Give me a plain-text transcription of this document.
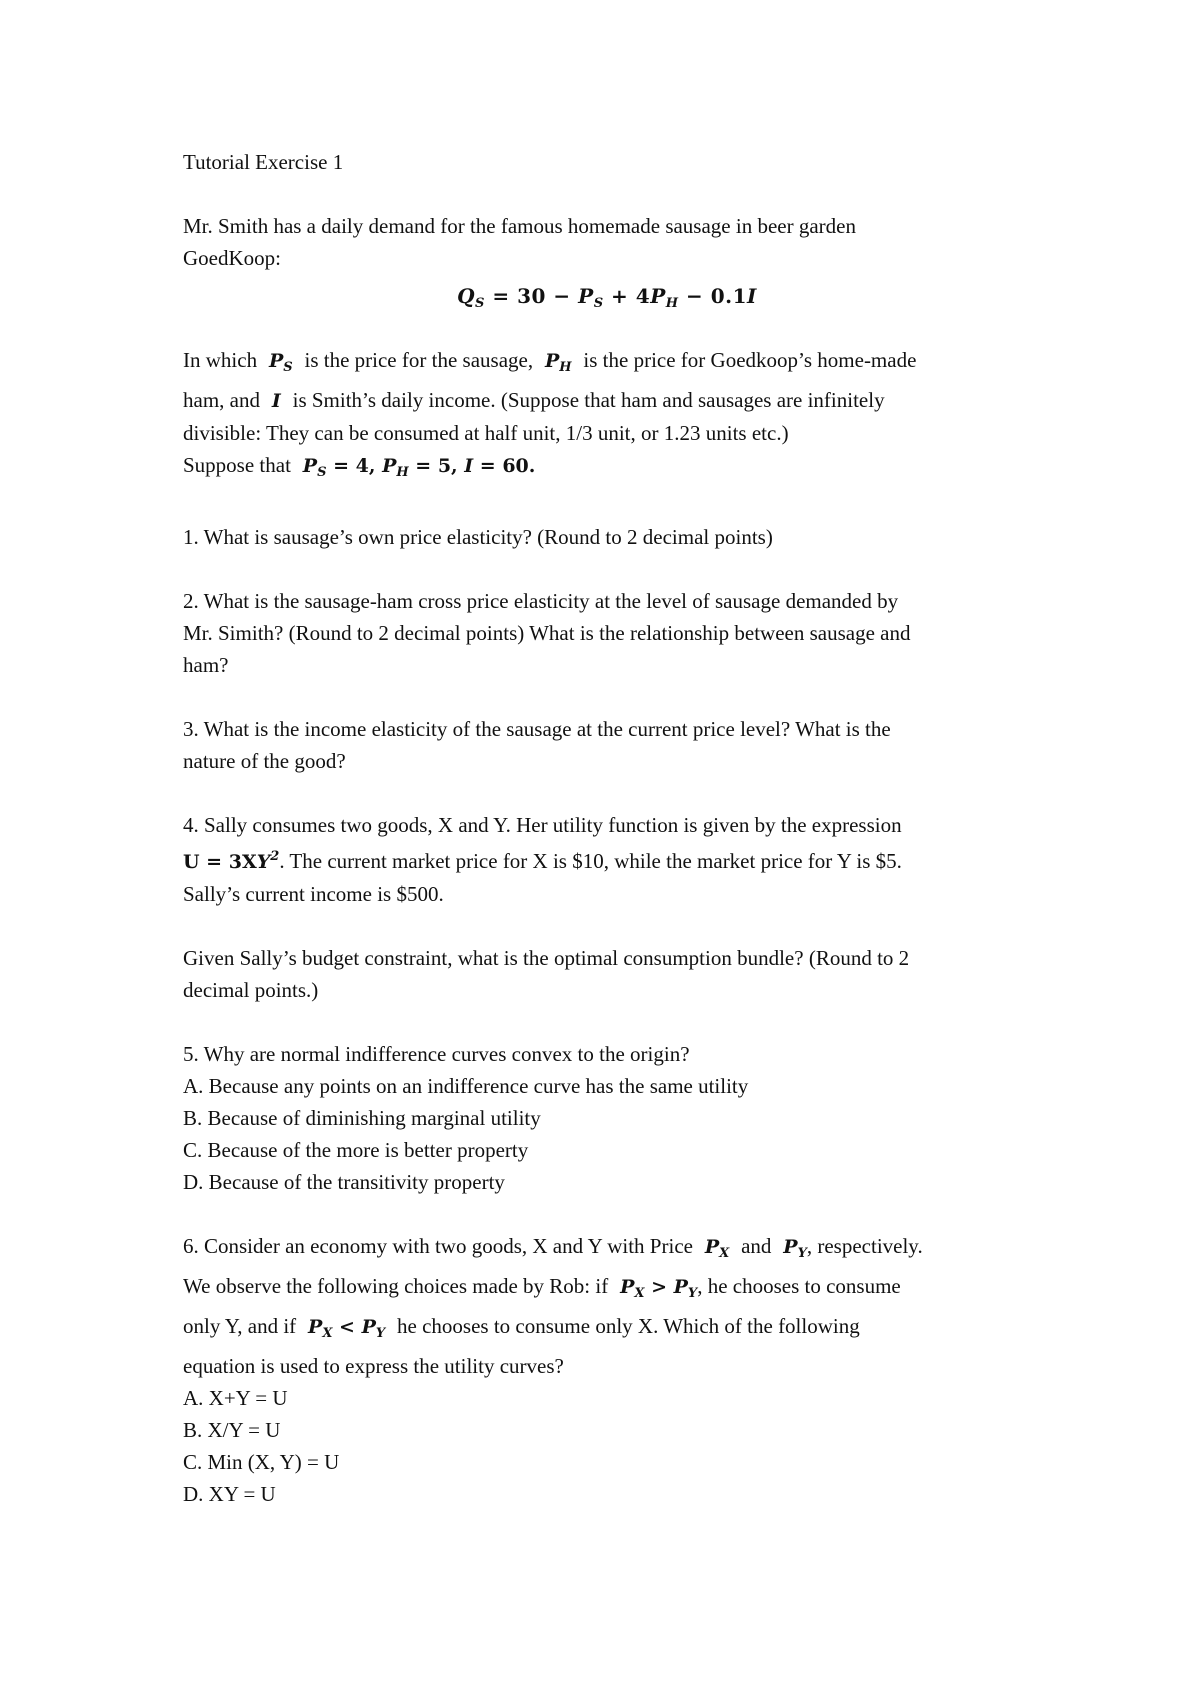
Tutorial Exercise 1

Mr. Smith has a daily demand for the famous homemade sausage in beer garden

GoedKoop:

$Q_S = 30 - P_S + 4P_H - 0.1I$

In which  $P_S$ is the price for the sausage,  $P_H$ is the price for Goedkoop’s home-made

ham, and  I  is Smith’s daily income. (Suppose that ham and sausages are infinitely

divisible: They can be consumed at half unit, 1/3 unit, or 1.23 units etc.)

Suppose that  $P_S = 4$, $P_H = 5$, I = 60.

1. What is sausage’s own price elasticity? (Round to 2 decimal points)

2. What is the sausage-ham cross price elasticity at the level of sausage demanded by

Mr. Simith? (Round to 2 decimal points) What is the relationship between sausage and

ham?

3. What is the income elasticity of the sausage at the current price level? What is the

nature of the good?

4. Sally consumes two goods, X and Y. Her utility function is given by the expression

$U = 3XY^2$. The current market price for X is $10, while the market price for Y is $5.

Sally’s current income is $500.

Given Sally’s budget constraint, what is the optimal consumption bundle? (Round to 2

decimal points.)

5. Why are normal indifference curves convex to the origin?

A. Because any points on an indifference curve has the same utility

B. Because of diminishing marginal utility

C. Because of the more is better property

D. Because of the transitivity property

6. Consider an economy with two goods, X and Y with Price  $P_X$ and  $P_Y$, respectively.

We observe the following choices made by Rob: if  $P_X > P_Y$, he chooses to consume

only Y, and if  $P_X < P_Y$ he chooses to consume only X. Which of the following

equation is used to express the utility curves?

A. X+Y = U

B. X/Y = U

C. Min (X, Y) = U

D. XY = U
